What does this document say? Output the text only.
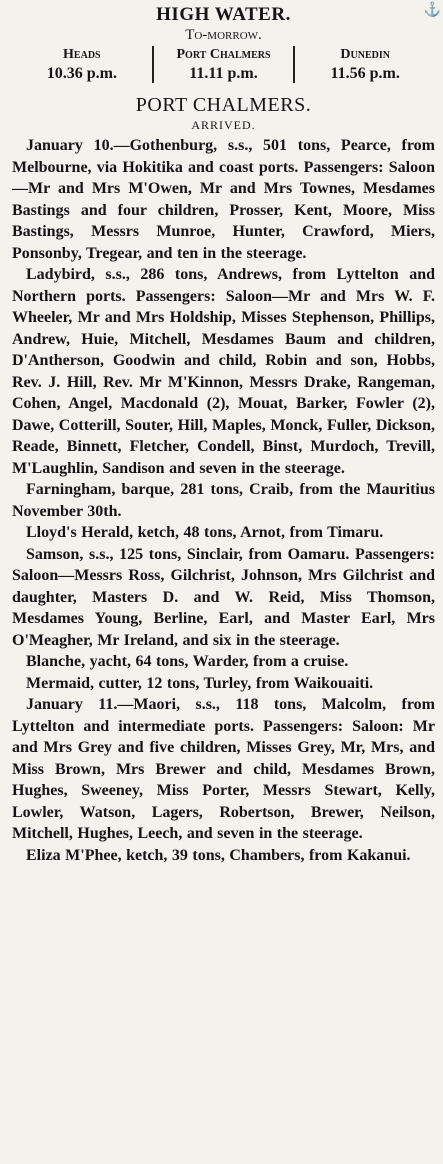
⚓
HIGH WATER.
To-morrow.
Heads
10.36 p.m.
Port Chalmers
11.11 p.m.
Dunedin
11.56 p.m.
PORT CHALMERS.
ARRIVED.

January 10.—Gothenburg, s.s., 501 tons, Pearce, from Melbourne, via Hokitika and coast ports. Passengers: Saloon—Mr and Mrs M'Owen, Mr and Mrs Townes, Mesdames Bastings and four children, Prosser, Kent, Moore, Miss Bastings, Messrs Munroe, Hunter, Crawford, Miers, Ponsonby, Tregear, and ten in the steerage.

Ladybird, s.s., 286 tons, Andrews, from Lyttelton and Northern ports. Passengers: Saloon—Mr and Mrs W. F. Wheeler, Mr and Mrs Holdship, Misses Stephenson, Phillips, Andrew, Huie, Mitchell, Mesdames Baum and children, D'Antherson, Goodwin and child, Robin and son, Hobbs, Rev. J. Hill, Rev. Mr M'Kinnon, Messrs Drake, Rangeman, Cohen, Angel, Macdonald (2), Mouat, Barker, Fowler (2), Dawe, Cotterill, Souter, Hill, Maples, Monck, Fuller, Dickson, Reade, Binnett, Fletcher, Condell, Binst, Murdoch, Trevill, M'Laughlin, Sandison and seven in the steerage.

Farningham, barque, 281 tons, Craib, from the Mauritius November 30th.

Lloyd's Herald, ketch, 48 tons, Arnot, from Timaru.

Samson, s.s., 125 tons, Sinclair, from Oamaru. Passengers: Saloon—Messrs Ross, Gilchrist, Johnson, Mrs Gilchrist and daughter, Masters D. and W. Reid, Miss Thomson, Mesdames Young, Berline, Earl, and Master Earl, Mrs O'Meagher, Mr Ireland, and six in the steerage.

Blanche, yacht, 64 tons, Warder, from a cruise.

Mermaid, cutter, 12 tons, Turley, from Waikouaiti.

January 11.—Maori, s.s., 118 tons, Malcolm, from Lyttelton and intermediate ports. Passengers: Saloon: Mr and Mrs Grey and five children, Misses Grey, Mr, Mrs, and Miss Brown, Mrs Brewer and child, Mesdames Brown, Hughes, Sweeney, Miss Porter, Messrs Stewart, Kelly, Lowler, Watson, Lagers, Robertson, Brewer, Neilson, Mitchell, Hughes, Leech, and seven in the steerage.

Eliza M'Phee, ketch, 39 tons, Chambers, from Kakanui.
